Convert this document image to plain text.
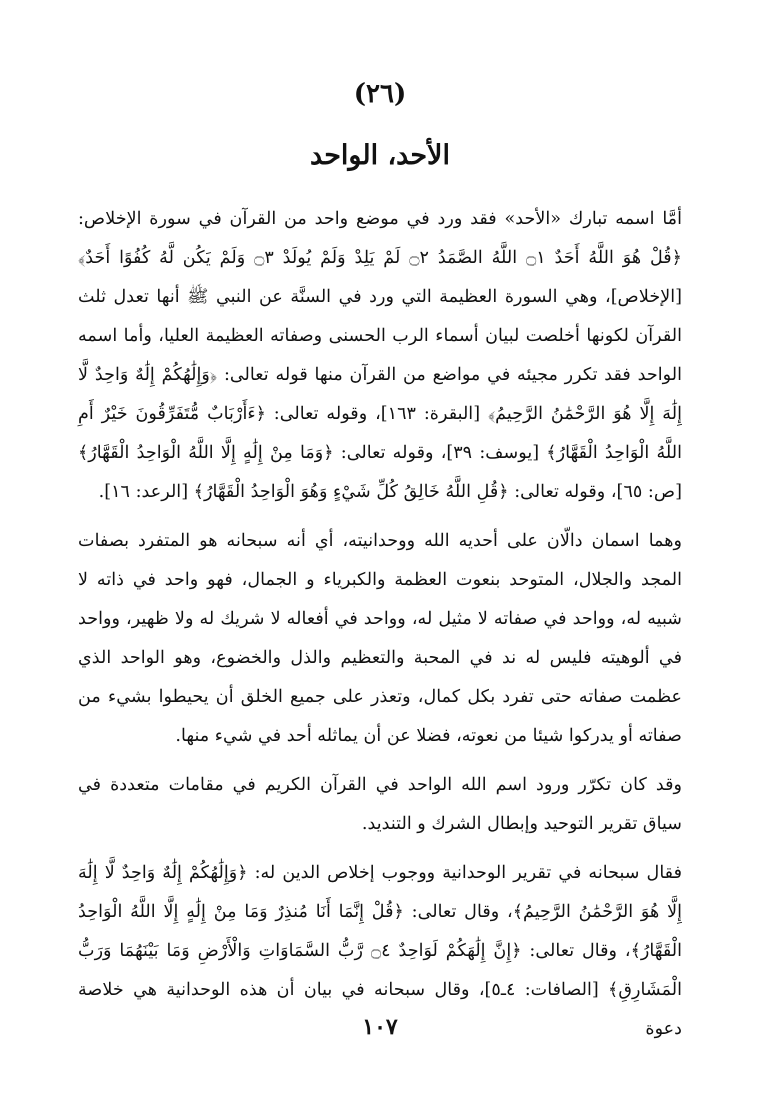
(٢٦)
الأحد، الواحد

أمَّا اسمه تبارك «الأحد» فقد ورد في موضع واحد من القرآن في سورة الإخلاص: ﴿قُلْ هُوَ اللَّهُ أَحَدٌ ۝١ اللَّهُ الصَّمَدُ ۝٢ لَمْ يَلِدْ وَلَمْ يُولَدْ ۝٣ وَلَمْ يَكُن لَّهُ كُفُوًا أَحَدٌ﴾ [الإخلاص]، وهي السورة العظيمة التي ورد في السنَّة عن النبي ﷺ أنها تعدل ثلث القرآن لكونها أخلصت لبيان أسماء الرب الحسنى وصفاته العظيمة العليا، وأما اسمه الواحد فقد تكرر مجيئه في مواضع من القرآن منها قوله تعالى: ﴿وَإِلَٰهُكُمْ إِلَٰهٌ وَاحِدٌ لَّا إِلَٰهَ إِلَّا هُوَ الرَّحْمَٰنُ الرَّحِيمُ﴾ [البقرة: ١٦٣]، وقوله تعالى: ﴿ءَأَرْبَابٌ مُّتَفَرِّقُونَ خَيْرٌ أَمِ اللَّهُ الْوَاحِدُ الْقَهَّارُ﴾ [يوسف: ٣٩]، وقوله تعالى: ﴿وَمَا مِنْ إِلَٰهٍ إِلَّا اللَّهُ الْوَاحِدُ الْقَهَّارُ﴾ [ص: ٦٥]، وقوله تعالى: ﴿قُلِ اللَّهُ خَالِقُ كُلِّ شَيْءٍ وَهُوَ الْوَاحِدُ الْقَهَّارُ﴾ [الرعد: ١٦].

وهما اسمان دالّان على أحديه الله ووحدانيته، أي أنه سبحانه هو المتفرد بصفات المجد والجلال، المتوحد بنعوت العظمة والكبرياء و الجمال، فهو واحد في ذاته لا شبيه له، وواحد في صفاته لا مثيل له، وواحد في أفعاله لا شريك له ولا ظهير، وواحد في ألوهيته فليس له ند في المحبة والتعظيم والذل والخضوع، وهو الواحد الذي عظمت صفاته حتى تفرد بكل كمال، وتعذر على جميع الخلق أن يحيطوا بشيء من صفاته أو يدركوا شيئا من نعوته، فضلا عن أن يماثله أحد في شيء منها.

وقد كان تكرّر ورود اسم الله الواحد في القرآن الكريم في مقامات متعددة في سياق تقرير التوحيد وإبطال الشرك و التنديد.

فقال سبحانه في تقرير الوحدانية ووجوب إخلاص الدين له: ﴿وَإِلَٰهُكُمْ إِلَٰهٌ وَاحِدٌ لَّا إِلَٰهَ إِلَّا هُوَ الرَّحْمَٰنُ الرَّحِيمُ﴾، وقال تعالى: ﴿قُلْ إِنَّمَا أَنَا مُنذِرٌ وَمَا مِنْ إِلَٰهٍ إِلَّا اللَّهُ الْوَاحِدُ الْقَهَّارُ﴾، وقال تعالى: ﴿إِنَّ إِلَٰهَكُمْ لَوَاحِدٌ ۝٤ رَّبُّ السَّمَاوَاتِ وَالْأَرْضِ وَمَا بَيْنَهُمَا وَرَبُّ الْمَشَارِقِ﴾ [الصافات: ٤ـ٥]، وقال سبحانه في بيان أن هذه الوحدانية هي خلاصة دعوة

١٠٧
